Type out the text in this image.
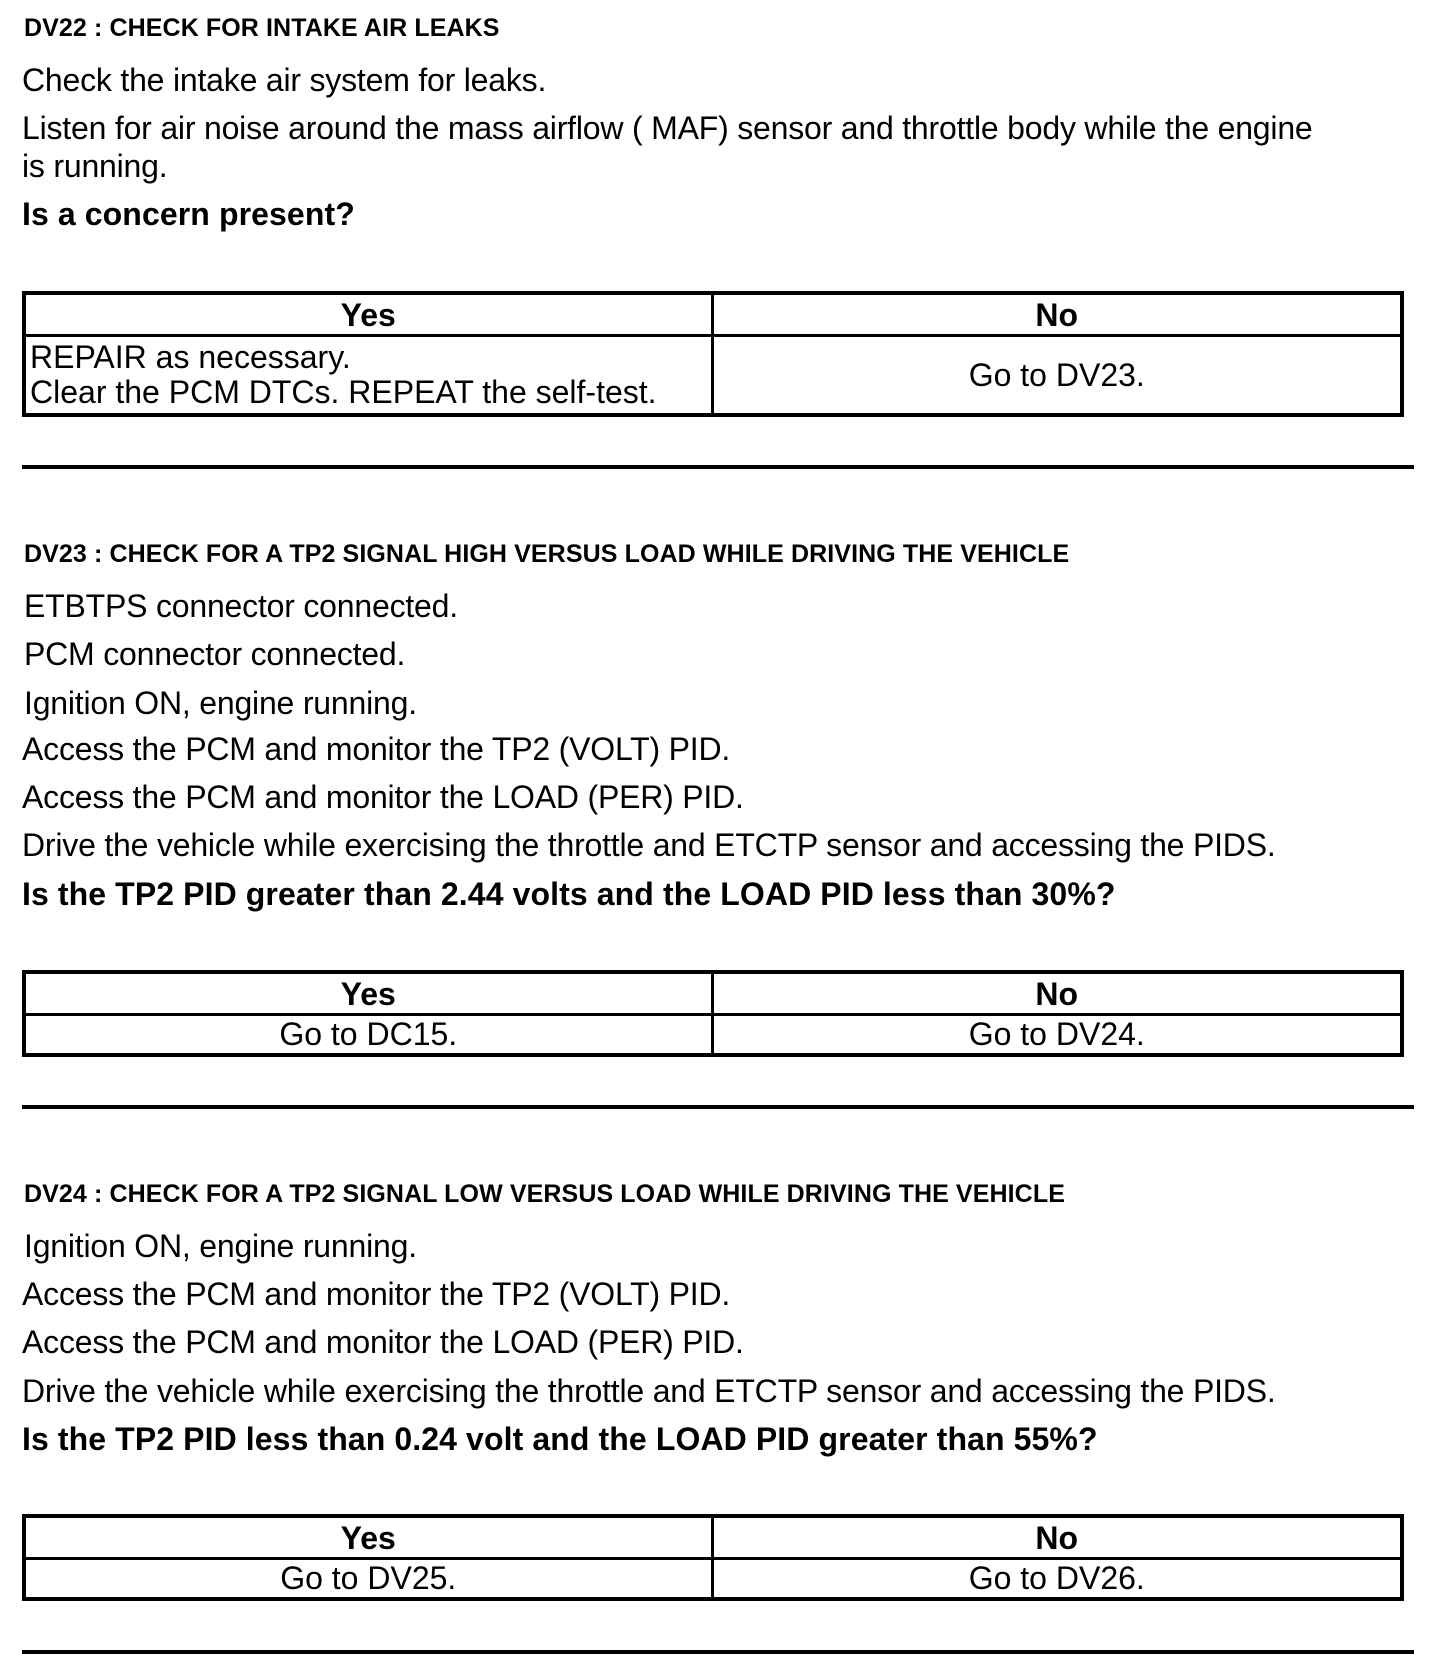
DV22 : CHECK FOR INTAKE AIR LEAKS
Check the intake air system for leaks.
Listen for air noise around the mass airflow ( MAF) sensor and throttle body while the engine
is running.
Is a concern present?
Yes	No

REPAIR as necessary.
Clear the PCM DTCs. REPEAT the self-test.	Go to DV23.
DV23 : CHECK FOR A TP2 SIGNAL HIGH VERSUS LOAD WHILE DRIVING THE VEHICLE
ETBTPS connector connected.
PCM connector connected.
Ignition ON, engine running.
Access the PCM and monitor the TP2 (VOLT) PID.
Access the PCM and monitor the LOAD (PER) PID.
Drive the vehicle while exercising the throttle and ETCTP sensor and accessing the PIDS.
Is the TP2 PID greater than 2.44 volts and the LOAD PID less than 30%?
Yes	No
Go to DC15.	Go to DV24.
DV24 : CHECK FOR A TP2 SIGNAL LOW VERSUS LOAD WHILE DRIVING THE VEHICLE
Ignition ON, engine running.
Access the PCM and monitor the TP2 (VOLT) PID.
Access the PCM and monitor the LOAD (PER) PID.
Drive the vehicle while exercising the throttle and ETCTP sensor and accessing the PIDS.
Is the TP2 PID less than 0.24 volt and the LOAD PID greater than 55%?
Yes	No
Go to DV25.	Go to DV26.
